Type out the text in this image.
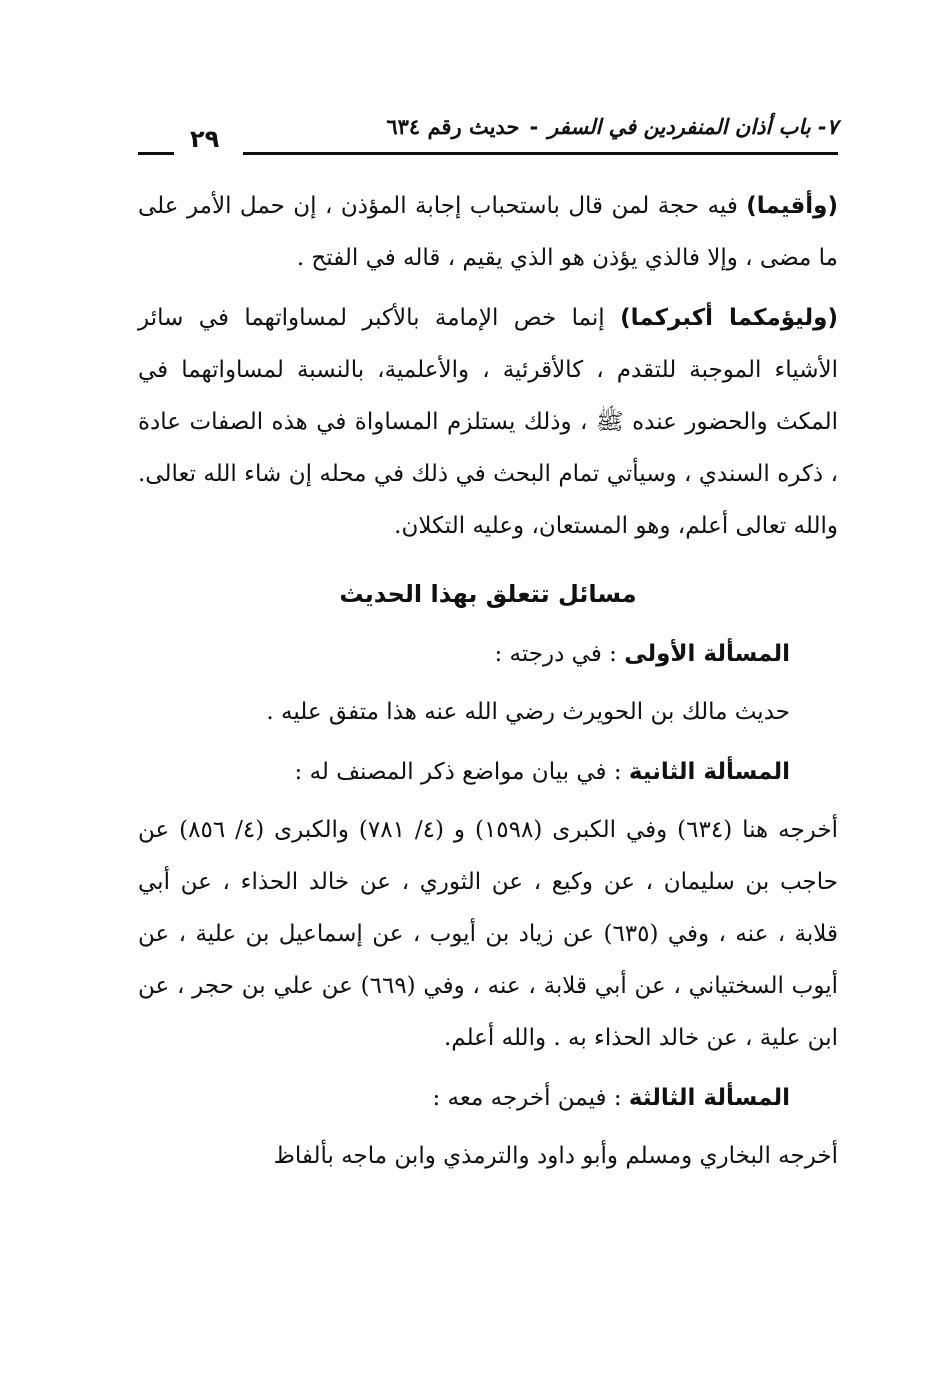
٧- باب أذان المنفردين في السفر-حديث رقم ٦٣٤
٢٩

(وأقيما) فيه حجة لمن قال باستحباب إجابة المؤذن ، إن حمل الأمر على ما مضى ، وإلا فالذي يؤذن هو الذي يقيم ، قاله في الفتح .

(وليؤمكما أكبركما) إنما خص الإمامة بالأكبر لمساواتهما في سائر الأشياء الموجبة للتقدم ، كالأقرئية ، والأعلمية، بالنسبة لمساواتهما في المكث والحضور عنده ﷺ ، وذلك يستلزم المساواة في هذه الصفات عادة ، ذكره السندي ، وسيأتي تمام البحث في ذلك في محله إن شاء الله تعالى. والله تعالى أعلم، وهو المستعان، وعليه التكلان.

مسائل تتعلق بهذا الحديث

المسألة الأولى : في درجته :

حديث مالك بن الحويرث رضي الله عنه هذا متفق عليه .

المسألة الثانية : في بيان مواضع ذكر المصنف له :

أخرجه هنا (٦٣٤) وفي الكبرى (١٥٩٨) و (٤/ ٧٨١) والكبرى (٤/ ٨٥٦) عن حاجب بن سليمان ، عن وكيع ، عن الثوري ، عن خالد الحذاء ، عن أبي قلابة ، عنه ، وفي (٦٣٥) عن زياد بن أيوب ، عن إسماعيل بن علية ، عن أيوب السختياني ، عن أبي قلابة ، عنه ، وفي (٦٦٩) عن علي بن حجر ، عن ابن علية ، عن خالد الحذاء به . والله أعلم.

المسألة الثالثة : فيمن أخرجه معه :

أخرجه البخاري ومسلم وأبو داود والترمذي وابن ماجه بألفاظ
